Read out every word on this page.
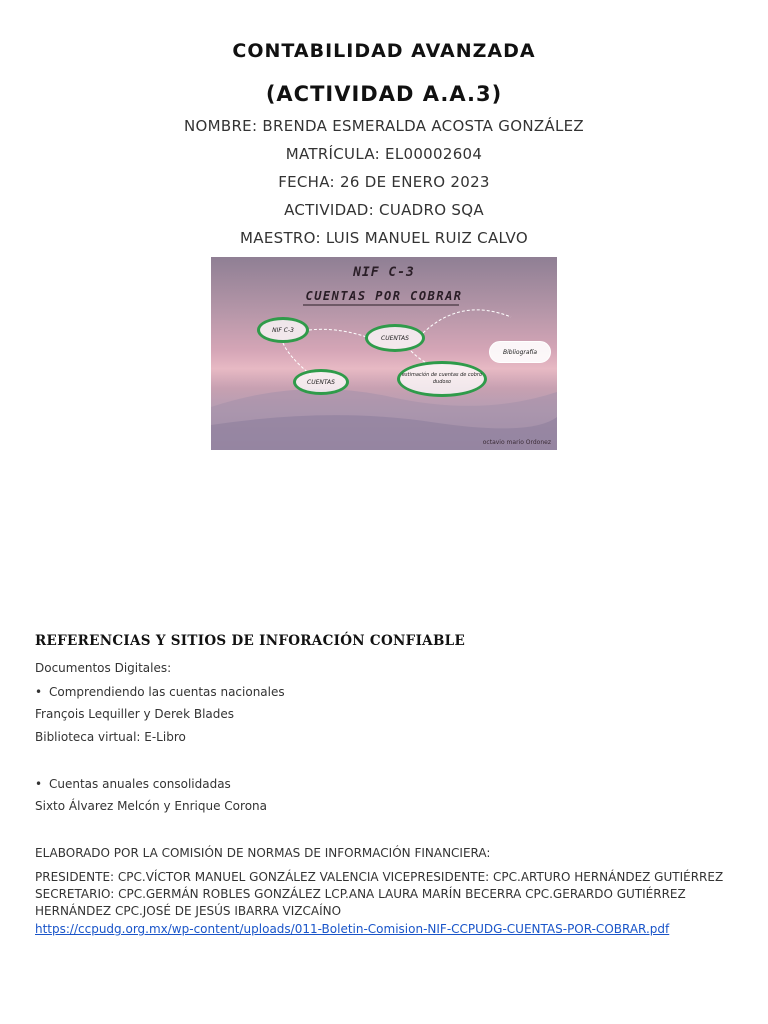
CONTABILIDAD AVANZADA
(ACTIVIDAD A.A.3)
NOMBRE: BRENDA ESMERALDA ACOSTA GONZÁLEZ
MATRÍCULA: EL00002604
FECHA: 26 DE ENERO 2023
ACTIVIDAD: CUADRO SQA
MAESTRO: LUIS MANUEL RUIZ CALVO
NIF C-3
CUENTAS POR COBRAR
NIF C-3
CUENTAS
CUENTAS
estimación de cuentas de cobro dudoso
Bibliografía
octavio mario Ordonez
REFERENCIAS Y SITIOS DE INFORACIÓN CONFIABLE
Documentos Digitales:
• Comprendiendo las cuentas nacionales
François Lequiller y Derek Blades
Biblioteca virtual: E-Libro
• Cuentas anuales consolidadas
Sixto Álvarez Melcón y Enrique Corona
ELABORADO POR LA COMISIÓN DE NORMAS DE INFORMACIÓN FINANCIERA:
PRESIDENTE: CPC.VÍCTOR MANUEL GONZÁLEZ VALENCIA VICEPRESIDENTE: CPC.ARTURO HERNÁNDEZ GUTIÉRREZ SECRETARIO: CPC.GERMÁN ROBLES GONZÁLEZ LCP.ANA LAURA MARÍN BECERRA CPC.GERARDO GUTIÉRREZ HERNÁNDEZ CPC.JOSÉ DE JESÚS IBARRA VIZCAÍNO
https://ccpudg.org.mx/wp-content/uploads/011-Boletin-Comision-NIF-CCPUDG-CUENTAS-POR-COBRAR.pdf
